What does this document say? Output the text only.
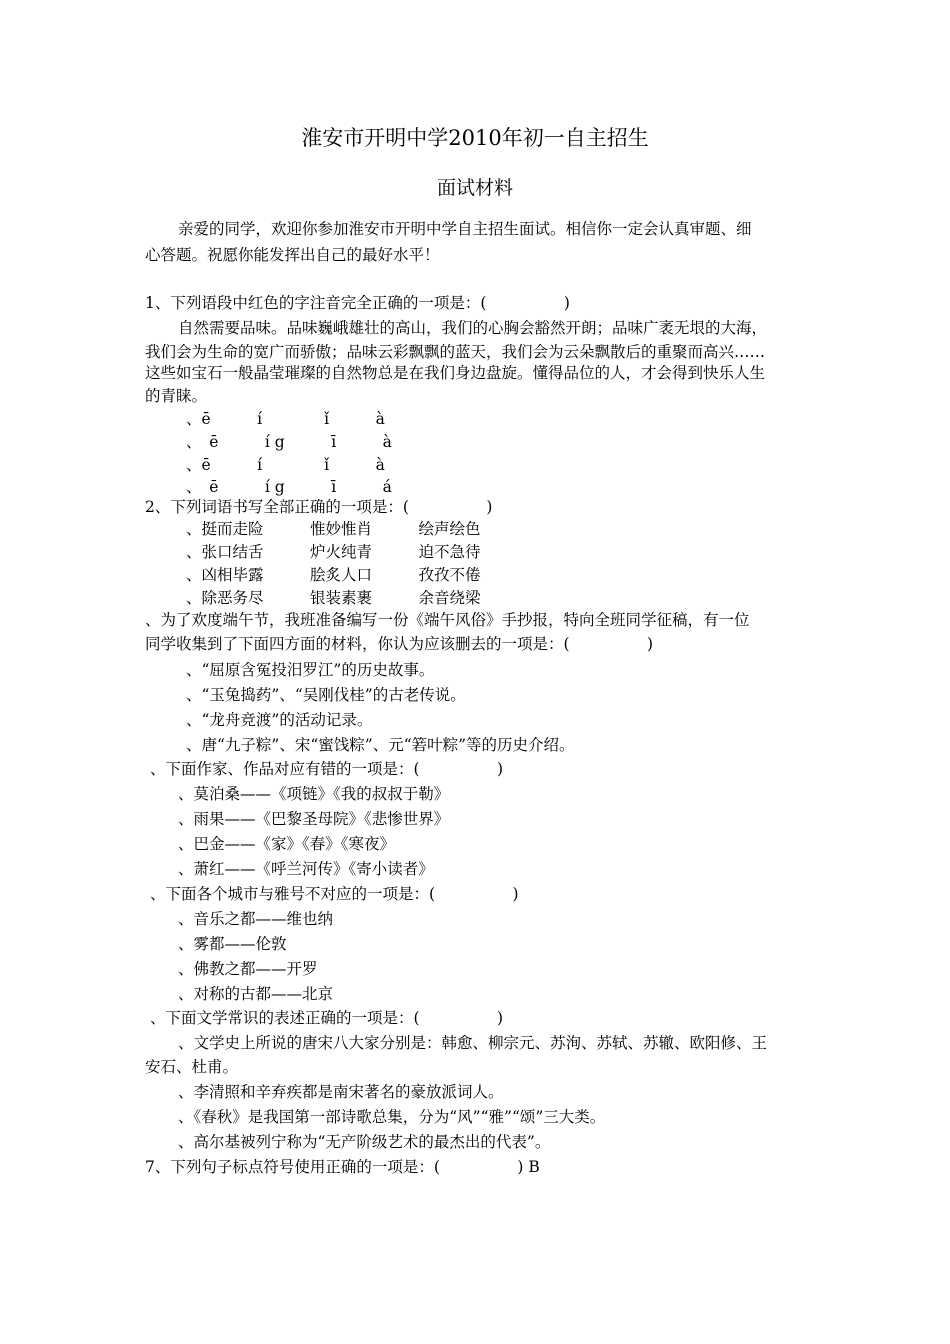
淮安市开明中学2010年初一自主招生
面试材料
亲爱的同学，欢迎你参加淮安市开明中学自主招生面试。相信你一定会认真审题、细
心答题。祝愿你能发挥出自己的最好水平！
1、下列语段中红色的字注音完全正确的一项是：(　　　　　)
自然需要品味。品味巍峨雄壮的高山，我们的心胸会豁然开朗；品味广袤无垠的大海，
我们会为生命的宽广而骄傲；品味云彩飘飘的蓝天，我们会为云朵飘散后的重聚而高兴……
这些如宝石一般晶莹璀璨的自然物总是在我们身边盘旋。懂得品位的人，才会得到快乐人生
的青睐。
、ē　　　í　　　　ǐ　　　à
、　ē　　　í g　　　ī　　　à
、ē　　　í　　　　ǐ　　　à
、　ē　　　í g　　　ī　　　á
2、下列词语书写全部正确的一项是：(　　　　　)
、挺而走险　　　惟妙惟肖　　　绘声绘色
、张口结舌　　　炉火纯青　　　迫不急待
、凶相毕露　　　脍炙人口　　　孜孜不倦
、除恶务尽　　　银装素裹　　　余音绕梁
、为了欢度端午节，我班准备编写一份《端午风俗》手抄报，特向全班同学征稿，有一位
同学收集到了下面四方面的材料，你认为应该删去的一项是：(　　　　　)
、“屈原含冤投汨罗江”的历史故事。
、“玉兔捣药”、“吴刚伐桂”的古老传说。
、“龙舟竞渡”的活动记录。
、唐“九子粽”、宋“蜜饯粽”、元“箬叶粽”等的历史介绍。
、下面作家、作品对应有错的一项是：(　　　　　)
、莫泊桑——《项链》《我的叔叔于勒》
、雨果——《巴黎圣母院》《悲惨世界》
、巴金——《家》《春》《寒夜》
、萧红——《呼兰河传》《寄小读者》
、下面各个城市与雅号不对应的一项是：(　　　　　)
、音乐之都——维也纳
、雾都——伦敦
、佛教之都——开罗
、对称的古都——北京
、下面文学常识的表述正确的一项是：(　　　　　)
、文学史上所说的唐宋八大家分别是：韩愈、柳宗元、苏洵、苏轼、苏辙、欧阳修、王
安石、杜甫。
、李清照和辛弃疾都是南宋著名的豪放派词人。
、《春秋》是我国第一部诗歌总集，分为“风”“雅”“颂”三大类。
、高尔基被列宁称为“无产阶级艺术的最杰出的代表”。
7、下列句子标点符号使用正确的一项是：(　　　　　) B
